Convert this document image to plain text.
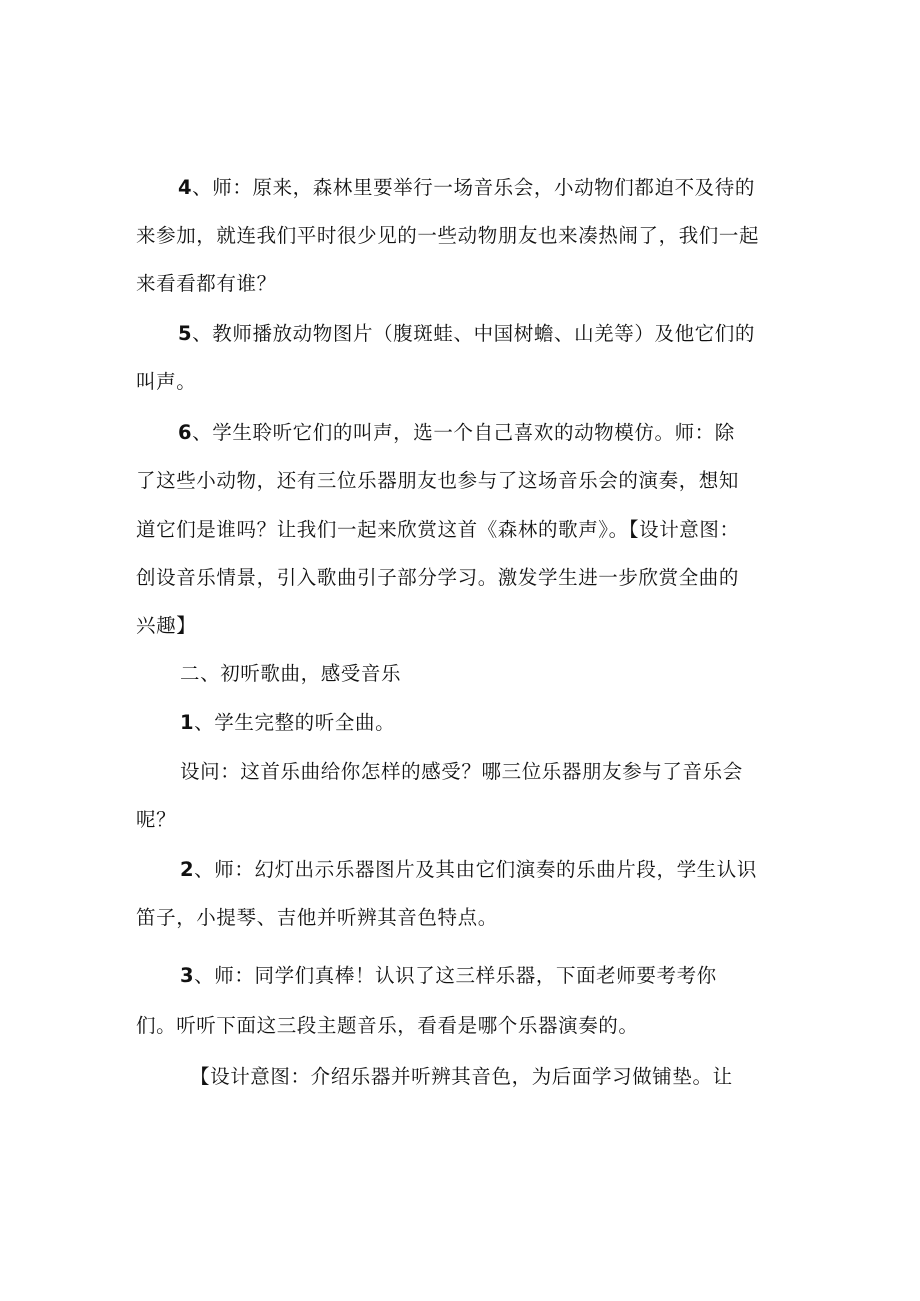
4、师：原来，森林里要举行一场音乐会，小动物们都迫不及待的
来参加，就连我们平时很少见的一些动物朋友也来凑热闹了，我们一起
来看看都有谁？
5、教师播放动物图片（腹斑蛙、中国树蟾、山羌等）及他它们的
叫声。
6、学生聆听它们的叫声，选一个自己喜欢的动物模仿。师：除
了这些小动物，还有三位乐器朋友也参与了这场音乐会的演奏，想知
道它们是谁吗？让我们一起来欣赏这首《森林的歌声》。【设计意图：
创设音乐情景，引入歌曲引子部分学习。激发学生进一步欣赏全曲的
兴趣】
二、初听歌曲，感受音乐
1、学生完整的听全曲。
设问：这首乐曲给你怎样的感受？哪三位乐器朋友参与了音乐会
呢？
2、师：幻灯出示乐器图片及其由它们演奏的乐曲片段，学生认识
笛子，小提琴、吉他并听辨其音色特点。
3、师：同学们真棒！认识了这三样乐器，下面老师要考考你
们。听听下面这三段主题音乐，看看是哪个乐器演奏的。
【设计意图：介绍乐器并听辨其音色，为后面学习做铺垫。让
